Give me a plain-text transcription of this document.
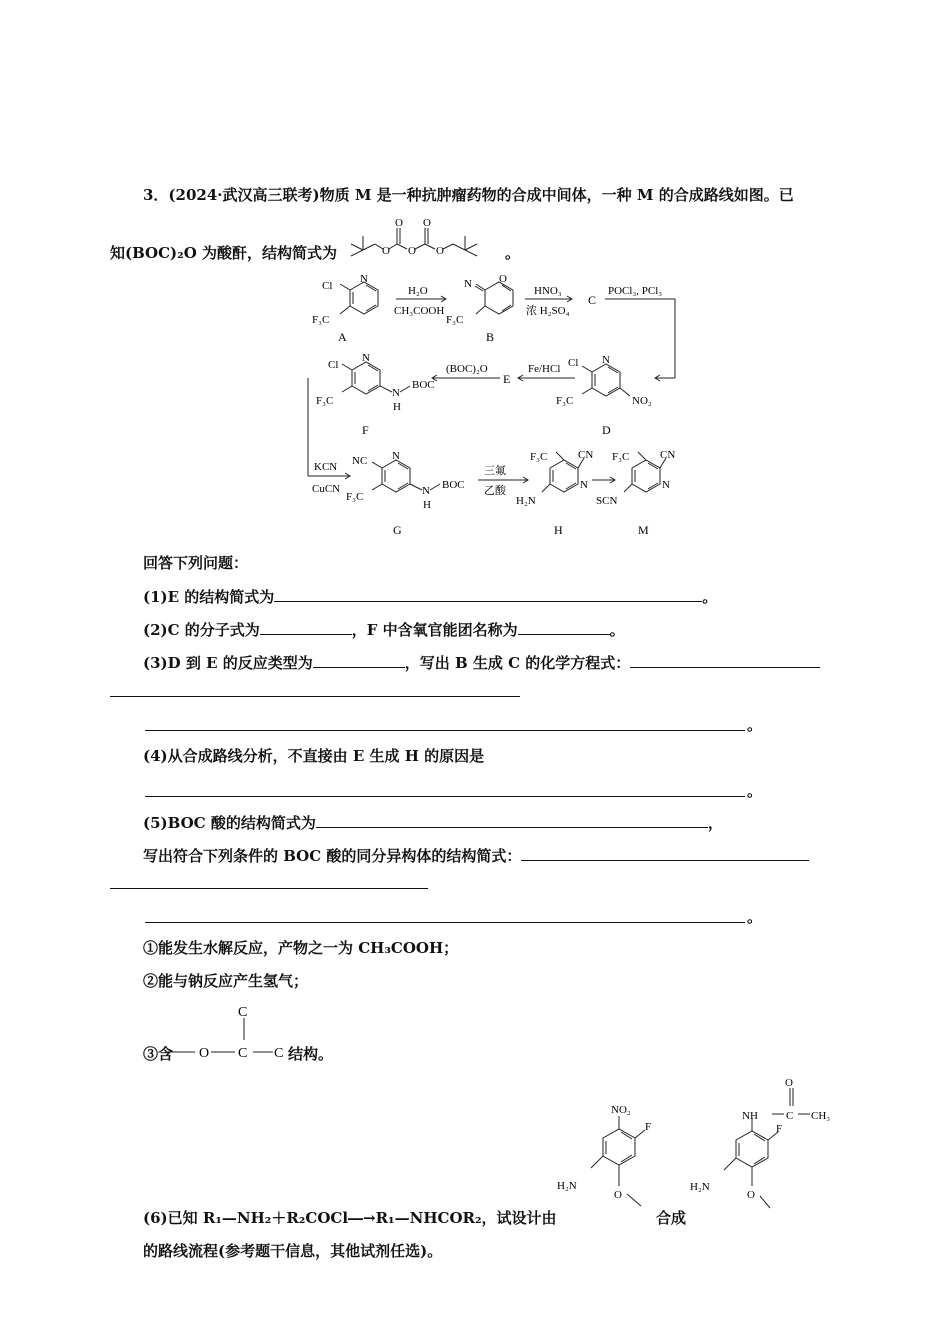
3．(2024·武汉高三联考)物质 M 是一种抗肿瘤药物的合成中间体，一种 M 的合成路线如图。已
知(BOC)₂O 为酸酐，结构简式为	O
O
O
O
O	。
Cl
N
F₃C
A
H₂O
CH₃COOH
N O
F₃C
B
HNO₃
浓 H₂SO₄
C
POCl₃, PCl₃
Cl N
F₃C	NO₂
D
Fe/HCl
E
(BOC)₂O
Cl
N
F₃C
N
H
BOC
F
KCN
CuCN
NC N
F₃C	N
H
BOC
G
三氟
乙酸
F₃C	CN
N
H₂N
H
F₃C	CN
N
SCN
M
回答下列问题：
(1)E 的结构简式为	。
(2)C 的分子式为	，F 中含氧官能团名称为	。
(3)D 到 E 的反应类型为	，写出 B 生成 C 的化学方程式：
。
(4)从合成路线分析，不直接由 E 生成 H 的原因是
。
(5)BOC 酸的结构简式为	，
写出符合下列条件的 BOC 酸的同分异构体的结构简式：
。
①能发生水解反应，产物之一为 CH₃COOH；
②能与钠反应产生氢气；
③含 O
C
C C 结构。
NO₂
F
H₂N
O
NH
O
C CH₃
F
H₂N
O
(6)已知 R₁—NH₂＋R₂COCl―→R₁—NHCOR₂，试设计由	合成
的路线流程(参考题干信息，其他试剂任选)。
